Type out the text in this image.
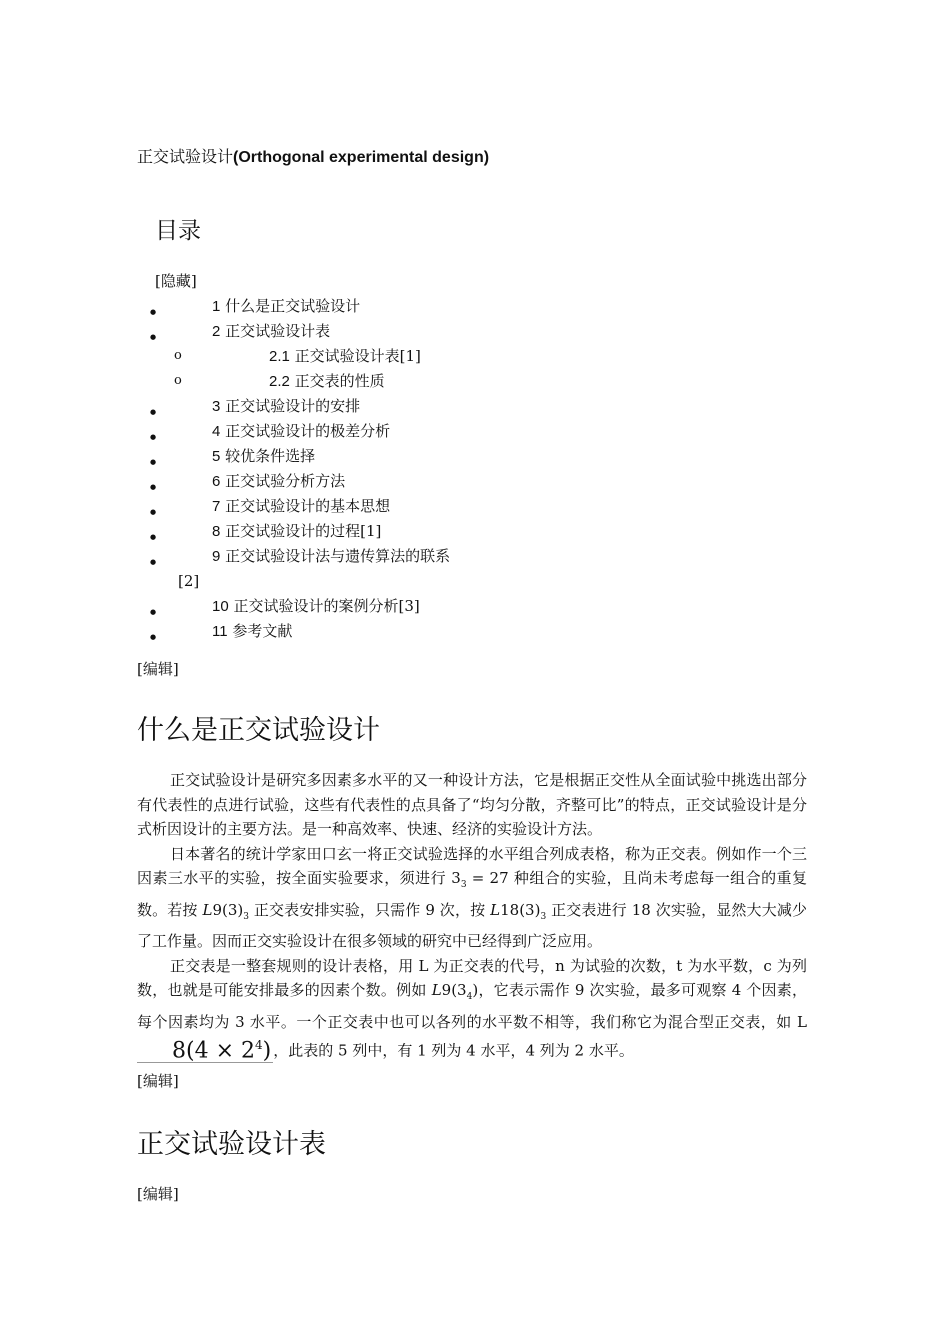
正交试验设计(Orthogonal experimental design)
目录
[隐藏]
●	1 什么是正交试验设计
●	2 正交试验设计表
o	2.1 正交试验设计表[1]
o	2.2 正交表的性质
●	3 正交试验设计的安排
●	4 正交试验设计的极差分析
●	5 较优条件选择
●	6 正交试验分析方法
●	7 正交试验设计的基本思想
●	8 正交试验设计的过程[1]
●	9 正交试验设计法与遗传算法的联系
[2]
●	10 正交试验设计的案例分析[3]
●	11 参考文献
[编辑]
什么是正交试验设计

正交试验设计是研究多因素多水平的又一种设计方法，它是根据正交性从全面试验中挑选出部分有代表性的点进行试验，这些有代表性的点具备了“均匀分散，齐整可比”的特点，正交试验设计是分式析因设计的主要方法。是一种高效率、快速、经济的实验设计方法。

日本著名的统计学家田口玄一将正交试验选择的水平组合列成表格，称为正交表。例如作一个三因素三水平的实验，按全面实验要求，须进行 $3_3 = 27$ 种组合的实验，且尚未考虑每一组合的重复数。若按 $L9(3)_3$ 正交表安排实验，只需作 9 次，按 $L18(3)_3$ 正交表进行 18 次实验，显然大大减少了工作量。因而正交实验设计在很多领域的研究中已经得到广泛应用。

正交表是一整套规则的设计表格，用 L 为正交表的代号，n 为试验的次数，t 为水平数，c 为列数，也就是可能安排最多的因素个数。例如 $L9(3_4)$，它表示需作 9 次实验，最多可观察 4 个因素，每个因素均为 3 水平。一个正交表中也可以各列的水平数不相等，我们称它为混合型正交表，如 $L8(4 \times 2^4)$ ，此表的 5 列中，有 1 列为 4 水平，4 列为 2 水平。

[编辑]
正交试验设计表
[编辑]
